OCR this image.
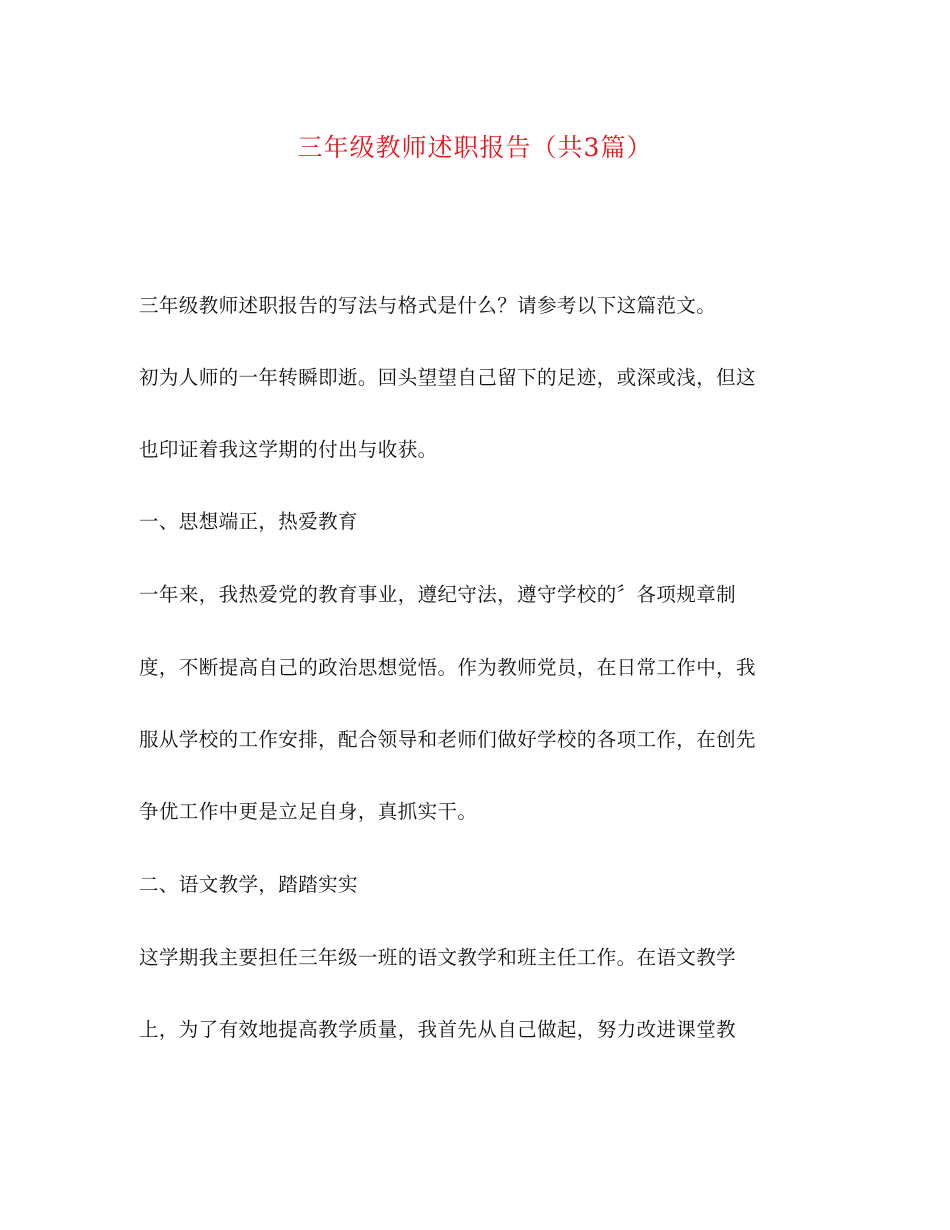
三年级教师述职报告（共3篇）
三年级教师述职报告的写法与格式是什么？请参考以下这篇范文。
初为人师的一年转瞬即逝。回头望望自己留下的足迹，或深或浅，但这
也印证着我这学期的付出与收获。
一、思想端正，热爱教育
一年来，我热爱党的教育事业，遵纪守法，遵守学校的〞各项规章制
度，不断提高自己的政治思想觉悟。作为教师党员，在日常工作中，我
服从学校的工作安排，配合领导和老师们做好学校的各项工作，在创先
争优工作中更是立足自身，真抓实干。
二、语文教学，踏踏实实
这学期我主要担任三年级一班的语文教学和班主任工作。在语文教学
上，为了有效地提高教学质量，我首先从自己做起，努力改进课堂教
